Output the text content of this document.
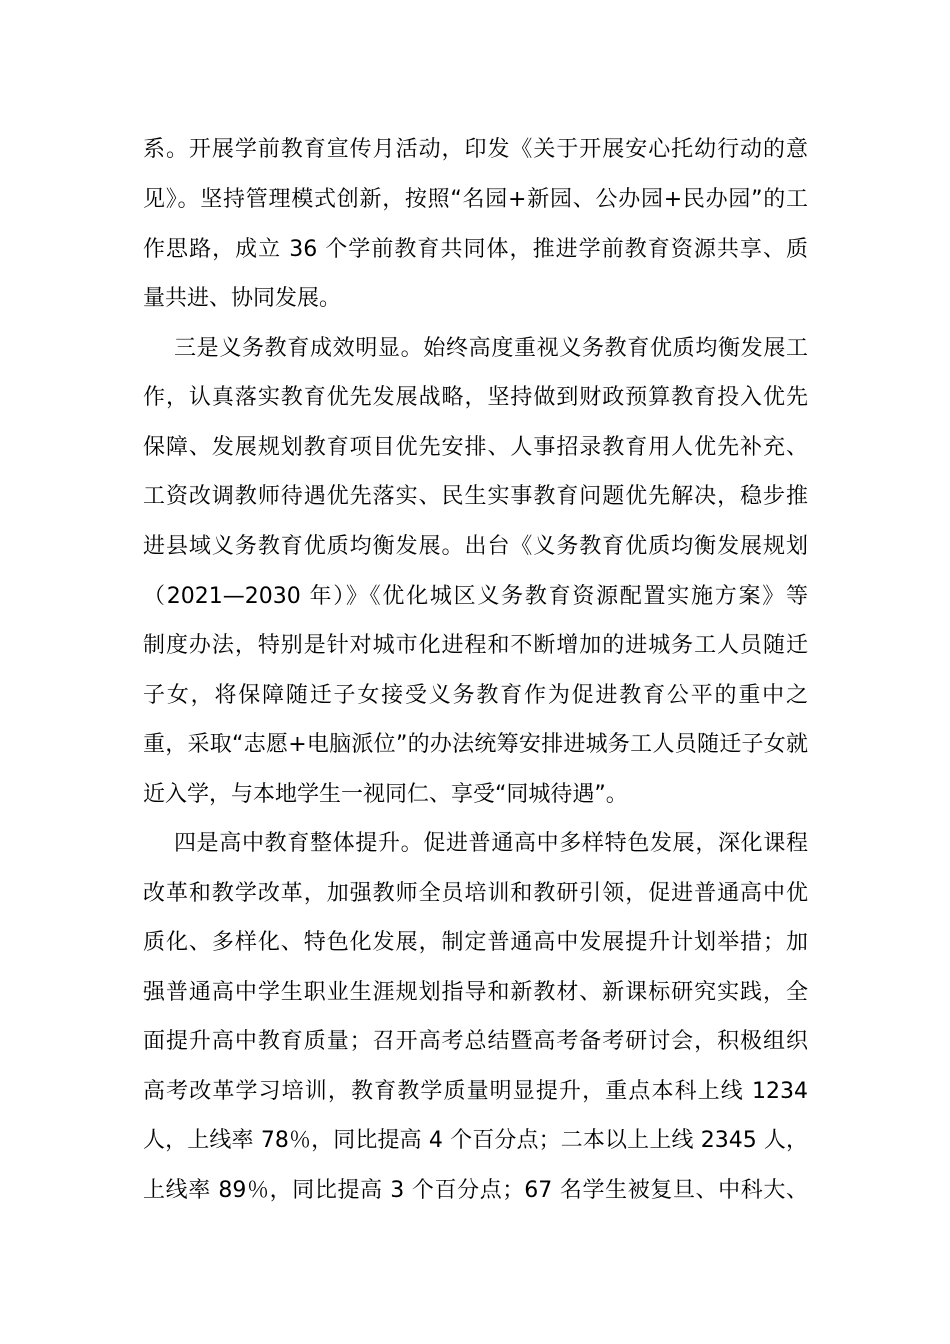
系。开展学前教育宣传月活动，印发《关于开展安心托幼行动的意
见》。坚持管理模式创新，按照“名园+新园、公办园+民办园”的工
作思路，成立 36 个学前教育共同体，推进学前教育资源共享、质
量共进、协同发展。
三是义务教育成效明显。始终高度重视义务教育优质均衡发展工
作，认真落实教育优先发展战略，坚持做到财政预算教育投入优先
保障、发展规划教育项目优先安排、人事招录教育用人优先补充、
工资改调教师待遇优先落实、民生实事教育问题优先解决，稳步推
进县域义务教育优质均衡发展。出台《义务教育优质均衡发展规划
（2021—2030 年）》《优化城区义务教育资源配置实施方案》等
制度办法，特别是针对城市化进程和不断增加的进城务工人员随迁
子女，将保障随迁子女接受义务教育作为促进教育公平的重中之
重，采取“志愿+电脑派位”的办法统筹安排进城务工人员随迁子女就
近入学，与本地学生一视同仁、享受“同城待遇”。
四是高中教育整体提升。促进普通高中多样特色发展，深化课程
改革和教学改革，加强教师全员培训和教研引领，促进普通高中优
质化、多样化、特色化发展，制定普通高中发展提升计划举措；加
强普通高中学生职业生涯规划指导和新教材、新课标研究实践，全
面提升高中教育质量；召开高考总结暨高考备考研讨会，积极组织
高考改革学习培训，教育教学质量明显提升，重点本科上线 1234
人，上线率 78％，同比提高 4 个百分点；二本以上上线 2345 人，
上线率 89％，同比提高 3 个百分点；67 名学生被复旦、中科大、
